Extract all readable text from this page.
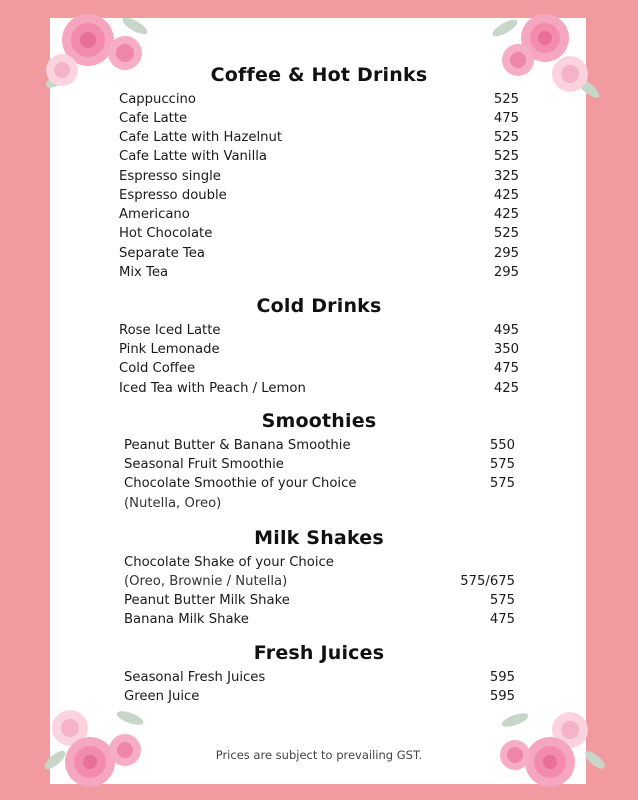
Coffee & Hot Drinks
Cappuccino	525
Cafe Latte	475
Cafe Latte with Hazelnut	525
Cafe Latte with Vanilla	525
Espresso single	325
Espresso double	425
Americano	425
Hot Chocolate	525
Separate Tea	295
Mix Tea	295
Cold Drinks
Rose Iced Latte	495
Pink Lemonade	350
Cold Coffee	475
Iced Tea with Peach / Lemon	425
Smoothies
Peanut Butter & Banana Smoothie	550
Seasonal Fruit Smoothie	575
Chocolate Smoothie of your Choice	575
(Nutella, Oreo)
Milk Shakes
Chocolate Shake of your Choice
(Oreo, Brownie / Nutella)	575/675
Peanut Butter Milk Shake	575
Banana Milk Shake	475
Fresh Juices
Seasonal Fresh Juices	595
Green Juice	595
Prices are subject to prevailing GST.
